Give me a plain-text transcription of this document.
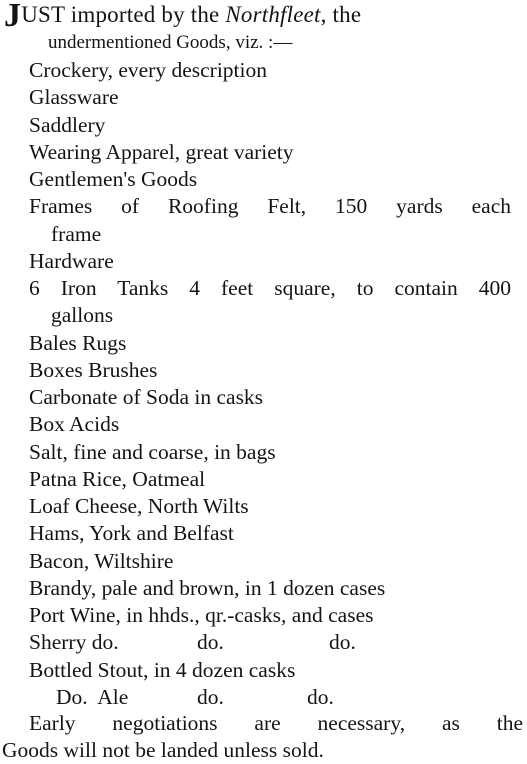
JUST imported by the Northfleet, the
undermentioned Goods, viz. :—
Crockery, every description
Glassware
Saddlery
Wearing Apparel, great variety
Gentlemen's Goods
Frames of Roofing Felt, 150 yards each
frame
Hardware
6 Iron Tanks 4 feet square, to contain 400
gallons
Bales Rugs
Boxes Brushes
Carbonate of Soda in casks
Box Acids
Salt, fine and coarse, in bags
Patna Rice, Oatmeal
Loaf Cheese, North Wilts
Hams, York and Belfast
Bacon, Wiltshire
Brandy, pale and brown, in 1 dozen cases
Port Wine, in hhds., qr.-casks, and cases
Sherry do.	do.	do.
Bottled Stout, in 4 dozen casks
Do.  Ale	do.	do.
Early negotiations are necessary, as the
Goods will not be landed unless sold.
